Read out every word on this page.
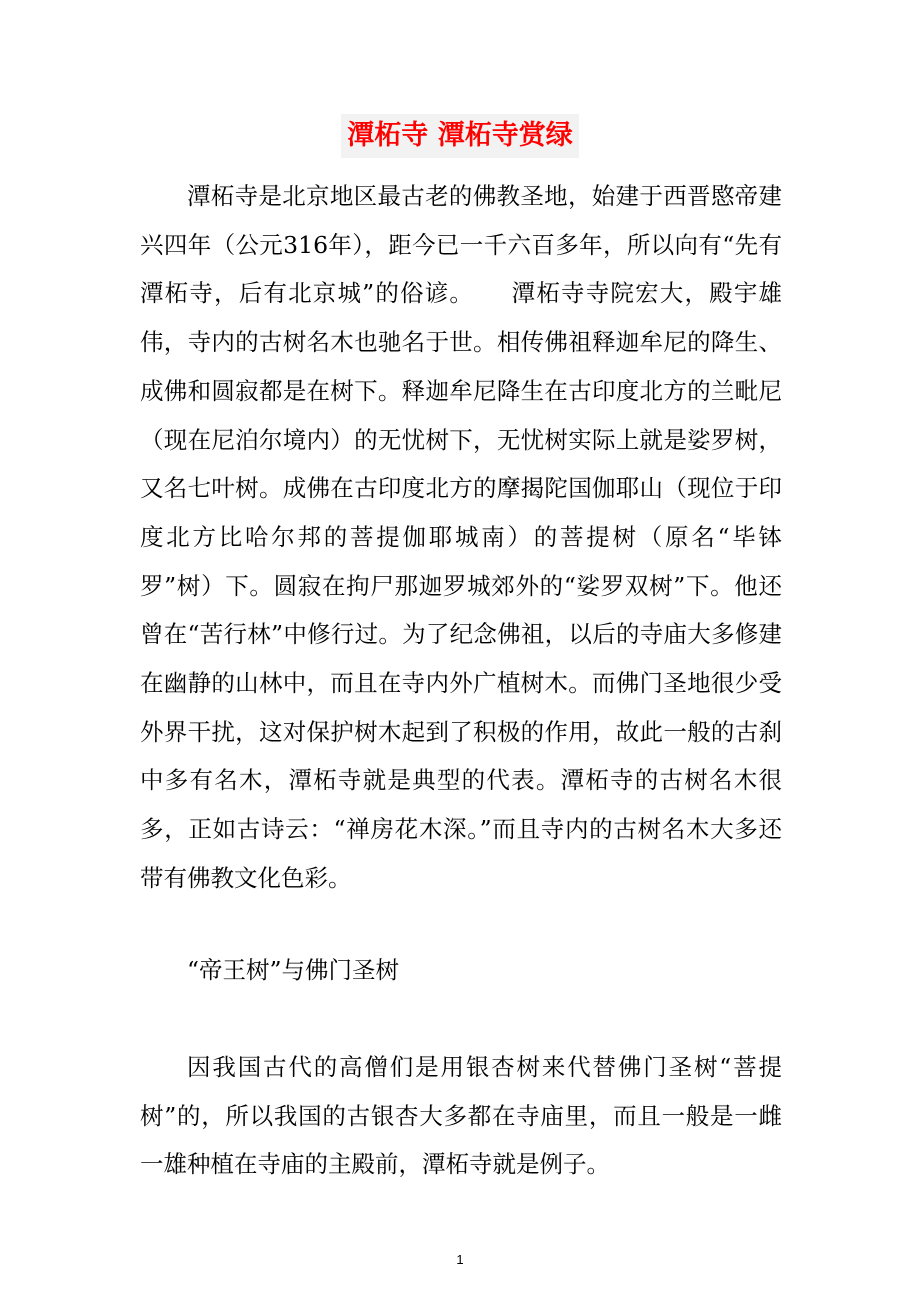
潭柘寺 潭柘寺赏绿

潭柘寺是北京地区最古老的佛教圣地，始建于西晋愍帝建兴四年（公元316年），距今已一千六百多年，所以向有“先有潭柘寺，后有北京城”的俗谚。　　潭柘寺寺院宏大，殿宇雄伟，寺内的古树名木也驰名于世。相传佛祖释迦牟尼的降生、成佛和圆寂都是在树下。释迦牟尼降生在古印度北方的兰毗尼（现在尼泊尔境内）的无忧树下，无忧树实际上就是娑罗树，又名七叶树。成佛在古印度北方的摩揭陀国伽耶山（现位于印度北方比哈尔邦的菩提伽耶城南）的菩提树（原名“毕钵罗”树）下。圆寂在拘尸那迦罗城郊外的“娑罗双树”下。他还曾在“苦行林”中修行过。为了纪念佛祖，以后的寺庙大多修建在幽静的山林中，而且在寺内外广植树木。而佛门圣地很少受外界干扰，这对保护树木起到了积极的作用，故此一般的古刹中多有名木，潭柘寺就是典型的代表。潭柘寺的古树名木很多，正如古诗云：“禅房花木深。”而且寺内的古树名木大多还带有佛教文化色彩。

“帝王树”与佛门圣树

因我国古代的高僧们是用银杏树来代替佛门圣树“菩提树”的，所以我国的古银杏大多都在寺庙里，而且一般是一雌一雄种植在寺庙的主殿前，潭柘寺就是例子。

1
